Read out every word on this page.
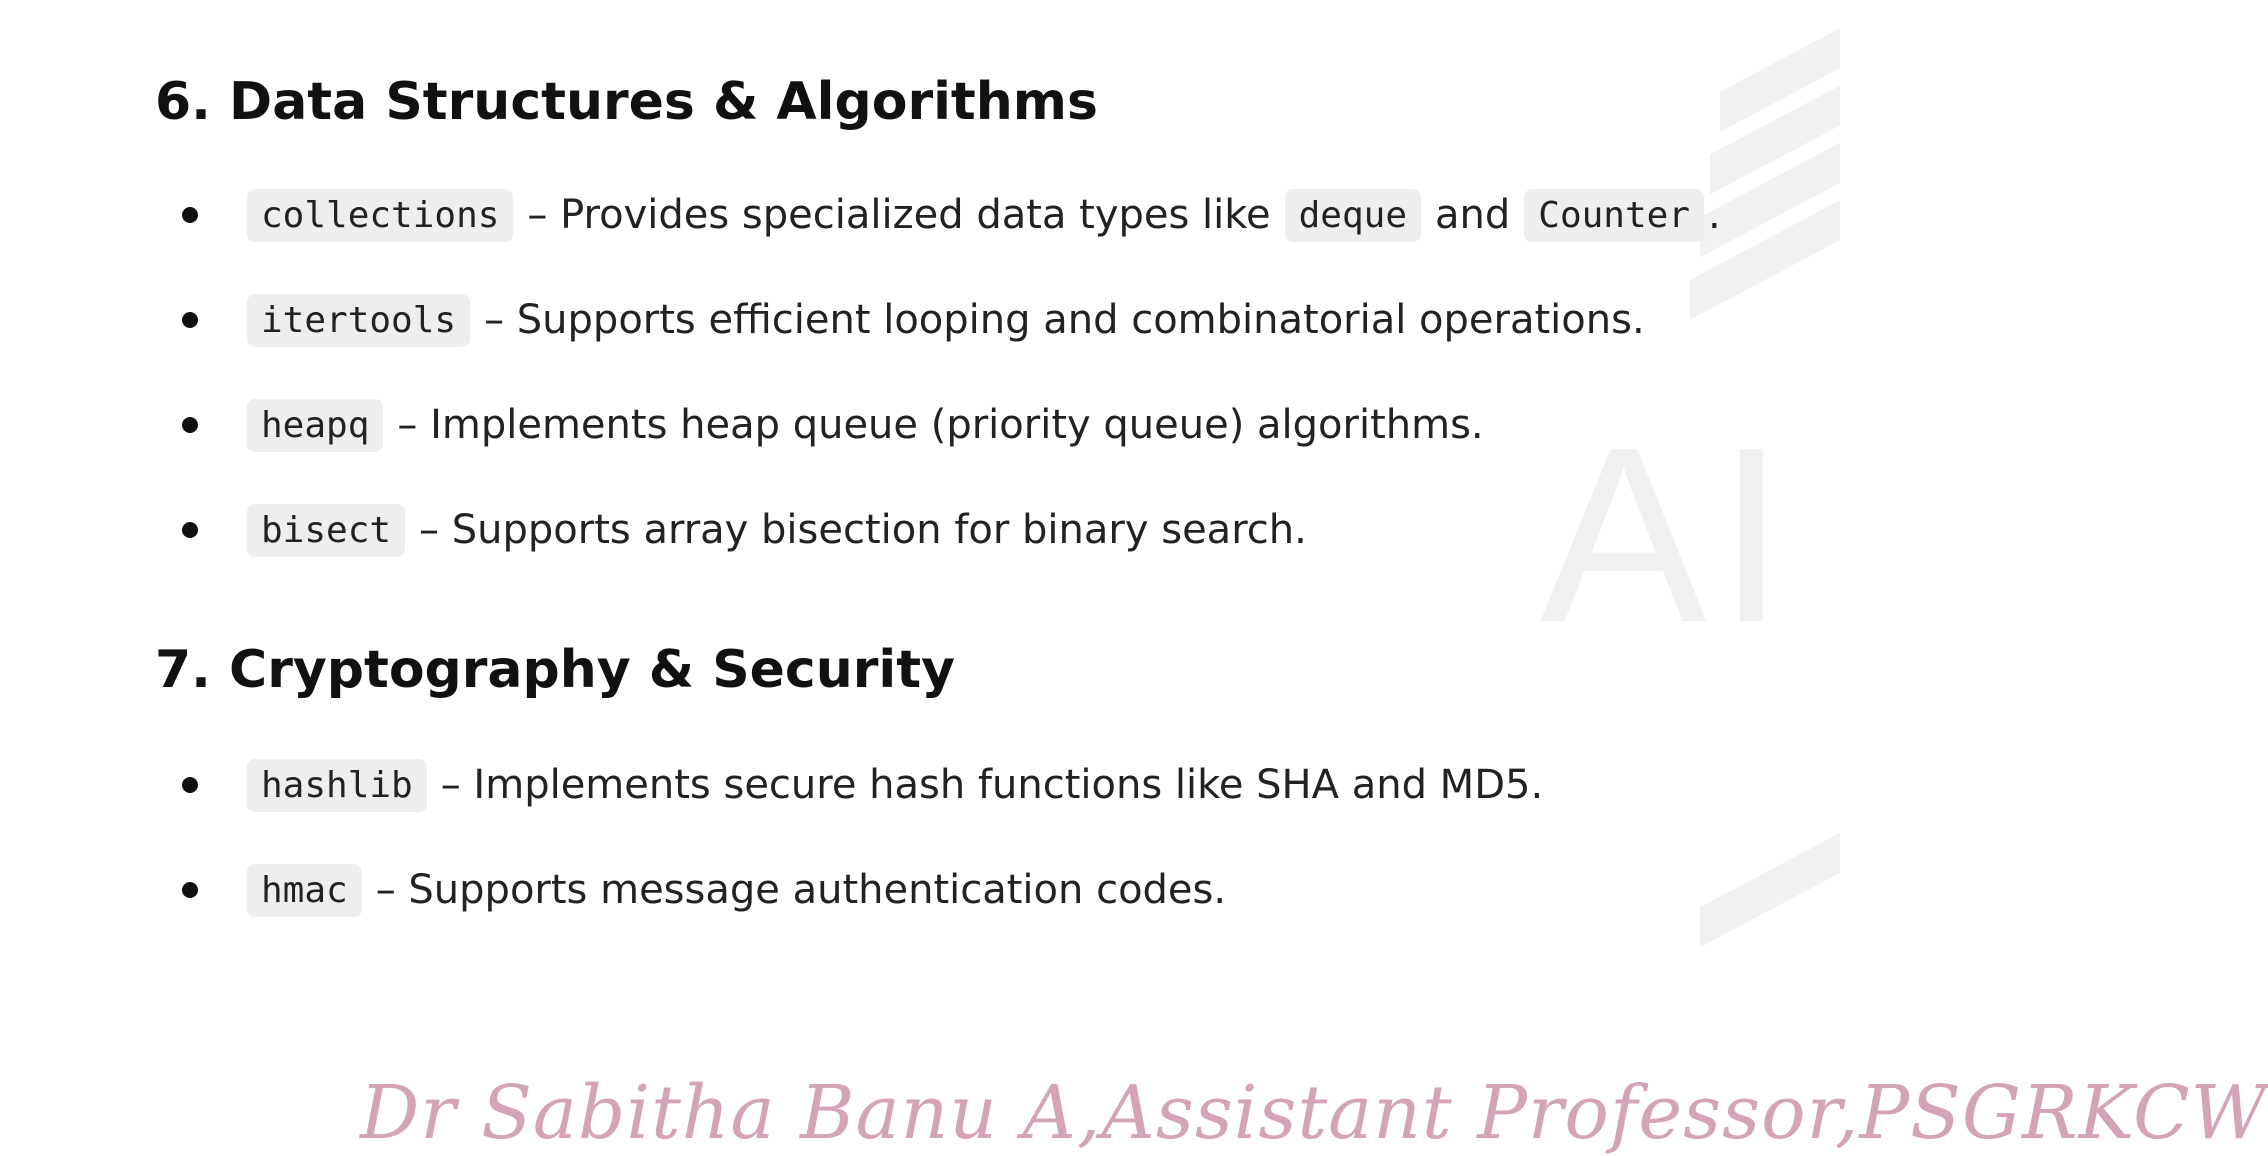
AI
6. Data Structures & Algorithms
collections – Provides specialized data types like deque and Counter .
itertools – Supports efficient looping and combinatorial operations.
heapq – Implements heap queue (priority queue) algorithms.
bisect – Supports array bisection for binary search.
7. Cryptography & Security
hashlib – Implements secure hash functions like SHA and MD5.
hmac – Supports message authentication codes.
Dr Sabitha Banu A,Assistant Professor,PSGRKCW
